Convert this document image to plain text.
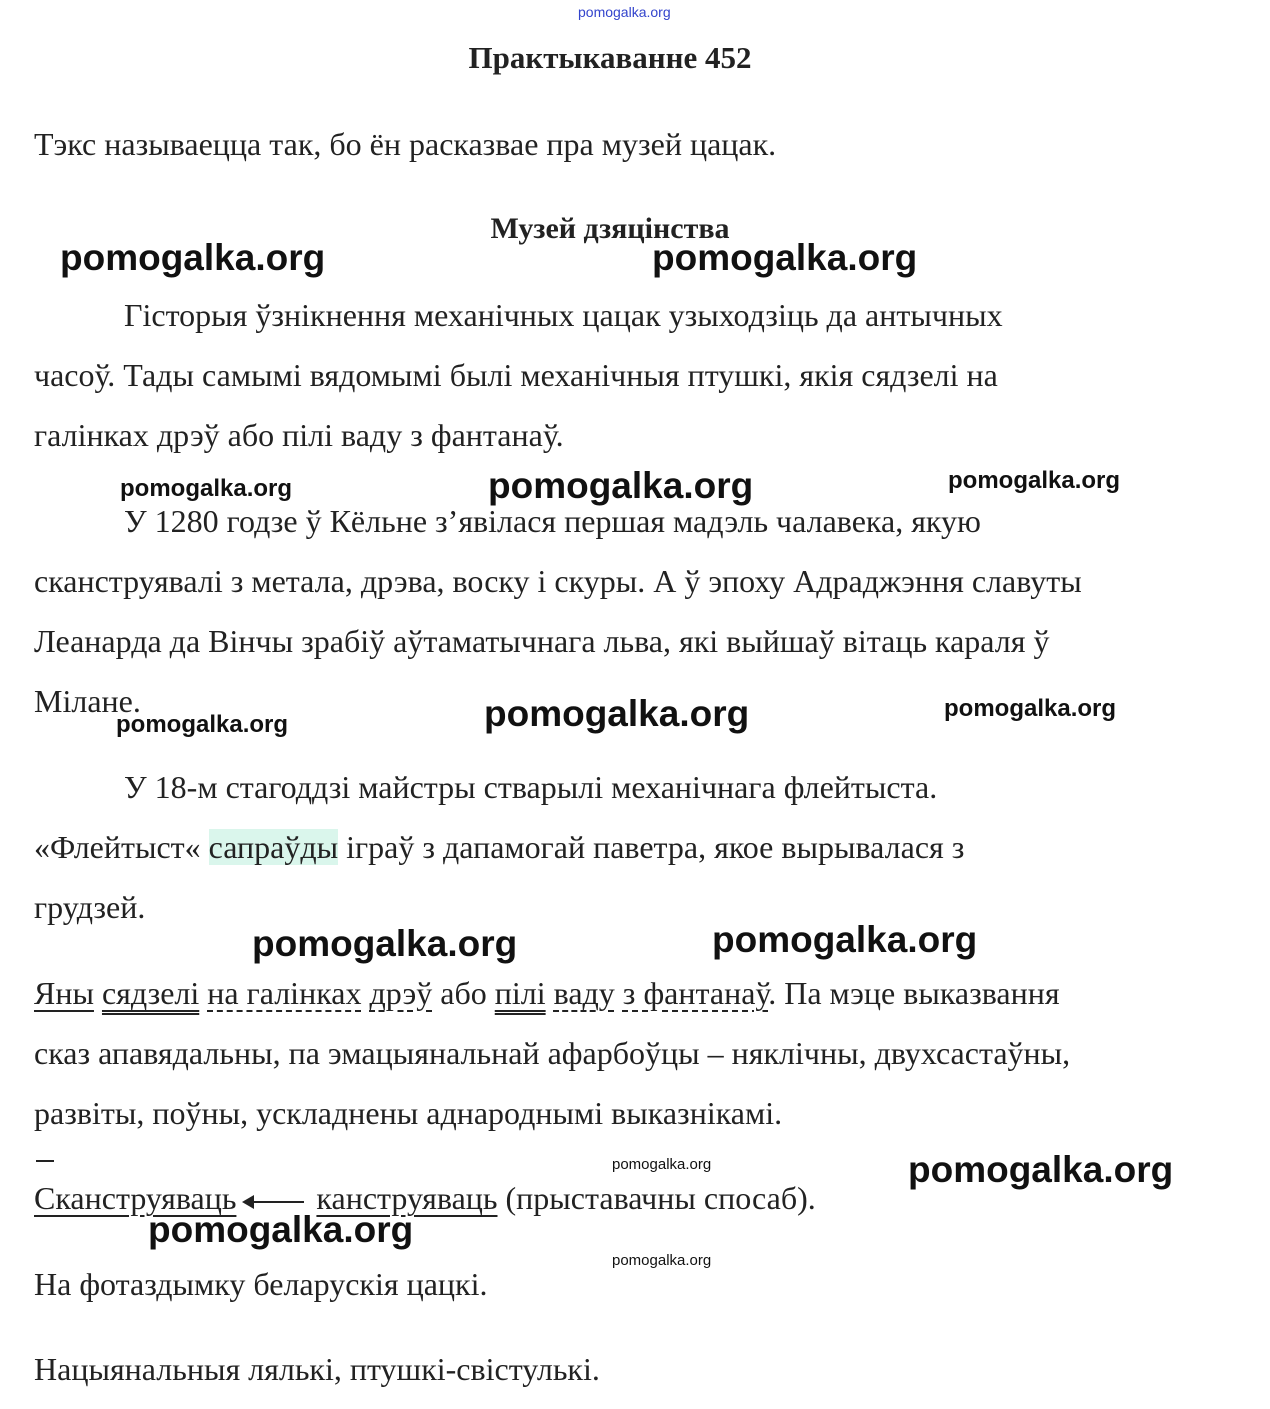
pomogalka.org
Практыкаванне 452
Тэкс называецца так, бо ён расказвае пра музей цацак.
Музей дзяцінства
pomogalka.org	pomogalka.org
Гісторыя ўзнікнення механічных цацак узыходзіць да антычных
часоў. Тады самымі вядомымі былі механічныя птушкі, якія сядзелі на
галінках дрэў або пілі ваду з фантанаў.
pomogalka.org	pomogalka.org	pomogalka.org
У 1280 годзе ў Кёльне з’явілася першая мадэль чалавека, якую
сканструявалі з метала, дрэва, воску і скуры. А ў эпоху Адраджэння славуты
Леанарда да Вінчы зрабіў аўтаматычнага льва, які выйшаў вітаць караля ў
Мілане.
pomogalka.org	pomogalka.org	pomogalka.org
У 18-м стагоддзі майстры стварылі механічнага флейтыста.
«Флейтыст« сапраўды іграў з дапамогай паветра, якое вырывалася з
грудзей.
pomogalka.org	pomogalka.org
Яны сядзелі на галінках дрэў або пілі ваду з фантанаў. Па мэце выказвання
сказ апавядальны, па эмацыянальнай афарбоўцы – няклічны, двухсастаўны,
развіты, поўны, ускладнены аднароднымі выказнікамі.
pomogalka.org	pomogalka.org
Сканструяваць	канструяваць (прыставачны спосаб).
pomogalka.org
pomogalka.org
На фотаздымку беларускія цацкі.
Нацыянальныя лялькі, птушкі-свістулькі.
